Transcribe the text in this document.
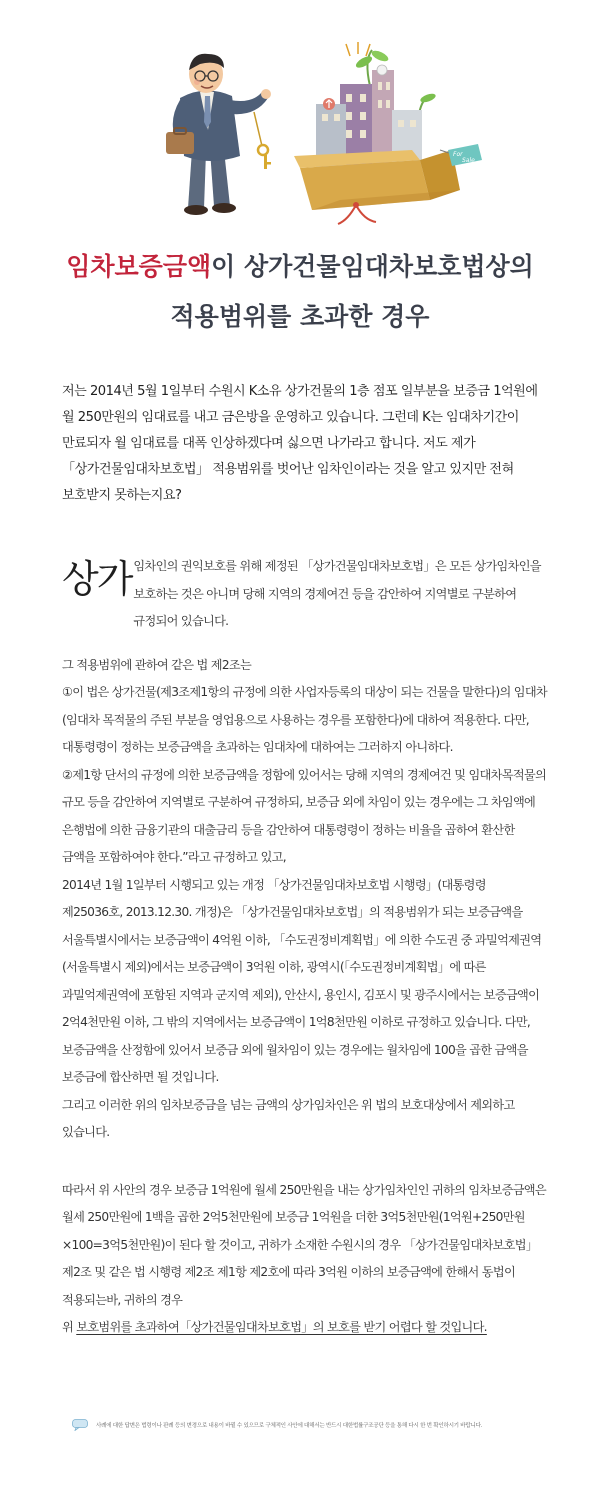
For
Sale
임차보증금액이 상가건물임대차보호법상의
적용범위를 초과한 경우

저는 2014년 5월 1일부터 수원시 K소유 상가건물의 1층 점포 일부분을 보증금 1억원에 월 250만원의 임대료를 내고 금은방을 운영하고 있습니다. 그런데 K는 임대차기간이 만료되자 월 임대료를 대폭 인상하겠다며 싫으면 나가라고 합니다. 저도 제가 「상가건물임대차보호법」 적용범위를 벗어난 임차인이라는 것을 알고 있지만 전혀 보호받지 못하는지요?

상가 임차인의 권익보호를 위해 제정된 「상가건물임대차보호법」은 모든 상가임차인을 보호하는 것은 아니며 당해 지역의 경제여건 등을 감안하여 지역별로 구분하여 규정되어 있습니다.
그 적용범위에 관하여 같은 법 제2조는
①이 법은 상가건물(제3조제1항의 규정에 의한 사업자등록의 대상이 되는 건물을 말한다)의 임대차(임대차 목적물의 주된 부분을 영업용으로 사용하는 경우를 포함한다)에 대하여 적용한다. 다만, 대통령령이 정하는 보증금액을 초과하는 임대차에 대하여는 그러하지 아니하다.
②제1항 단서의 규정에 의한 보증금액을 정함에 있어서는 당해 지역의 경제여건 및 임대차목적물의 규모 등을 감안하여 지역별로 구분하여 규정하되, 보증금 외에 차임이 있는 경우에는 그 차임액에 은행법에 의한 금융기관의 대출금리 등을 감안하여 대통령령이 정하는 비율을 곱하여 환산한 금액을 포함하여야 한다.”라고 규정하고 있고,
2014년 1월 1일부터 시행되고 있는 개정 「상가건물임대차보호법 시행령」(대통령령 제25036호, 2013.12.30. 개정)은 「상가건물임대차보호법」의 적용범위가 되는 보증금액을 서울특별시에서는 보증금액이 4억원 이하, 「수도권정비계획법」에 의한 수도권 중 과밀억제권역(서울특별시 제외)에서는 보증금액이 3억원 이하, 광역시(「수도권정비계획법」에 따른 과밀억제권역에 포함된 지역과 군지역 제외), 안산시, 용인시, 김포시 및 광주시에서는 보증금액이 2억4천만원 이하, 그 밖의 지역에서는 보증금액이 1억8천만원 이하로 규정하고 있습니다. 다만, 보증금액을 산정함에 있어서 보증금 외에 월차임이 있는 경우에는 월차임에 100을 곱한 금액을 보증금에 합산하면 될 것입니다.
그리고 이러한 위의 임차보증금을 넘는 금액의 상가임차인은 위 법의 보호대상에서 제외하고 있습니다.
따라서 위 사안의 경우 보증금 1억원에 월세 250만원을 내는 상가임차인인 귀하의 임차보증금액은 월세 250만원에 1백을 곱한 2억5천만원에 보증금 1억원을 더한 3억5천만원(1억원+250만원×100=3억5천만원)이 된다 할 것이고, 귀하가 소재한 수원시의 경우 「상가건물임대차보호법」 제2조 및 같은 법 시행령 제2조 제1항 제2호에 따라 3억원 이하의 보증금액에 한해서 동법이 적용되는바, 귀하의 경우
위 보호범위를 초과하여「상가건물임대차보호법」의 보호를 받기 어렵다 할 것입니다.
사례에 대한 답변은 법령이나 판례 등의 변경으로 내용이 바뀔 수 있으므로 구체적인 사안에 대해서는 반드시 대한법률구조공단 등을 통해 다시 한 번 확인하시기 바랍니다.
